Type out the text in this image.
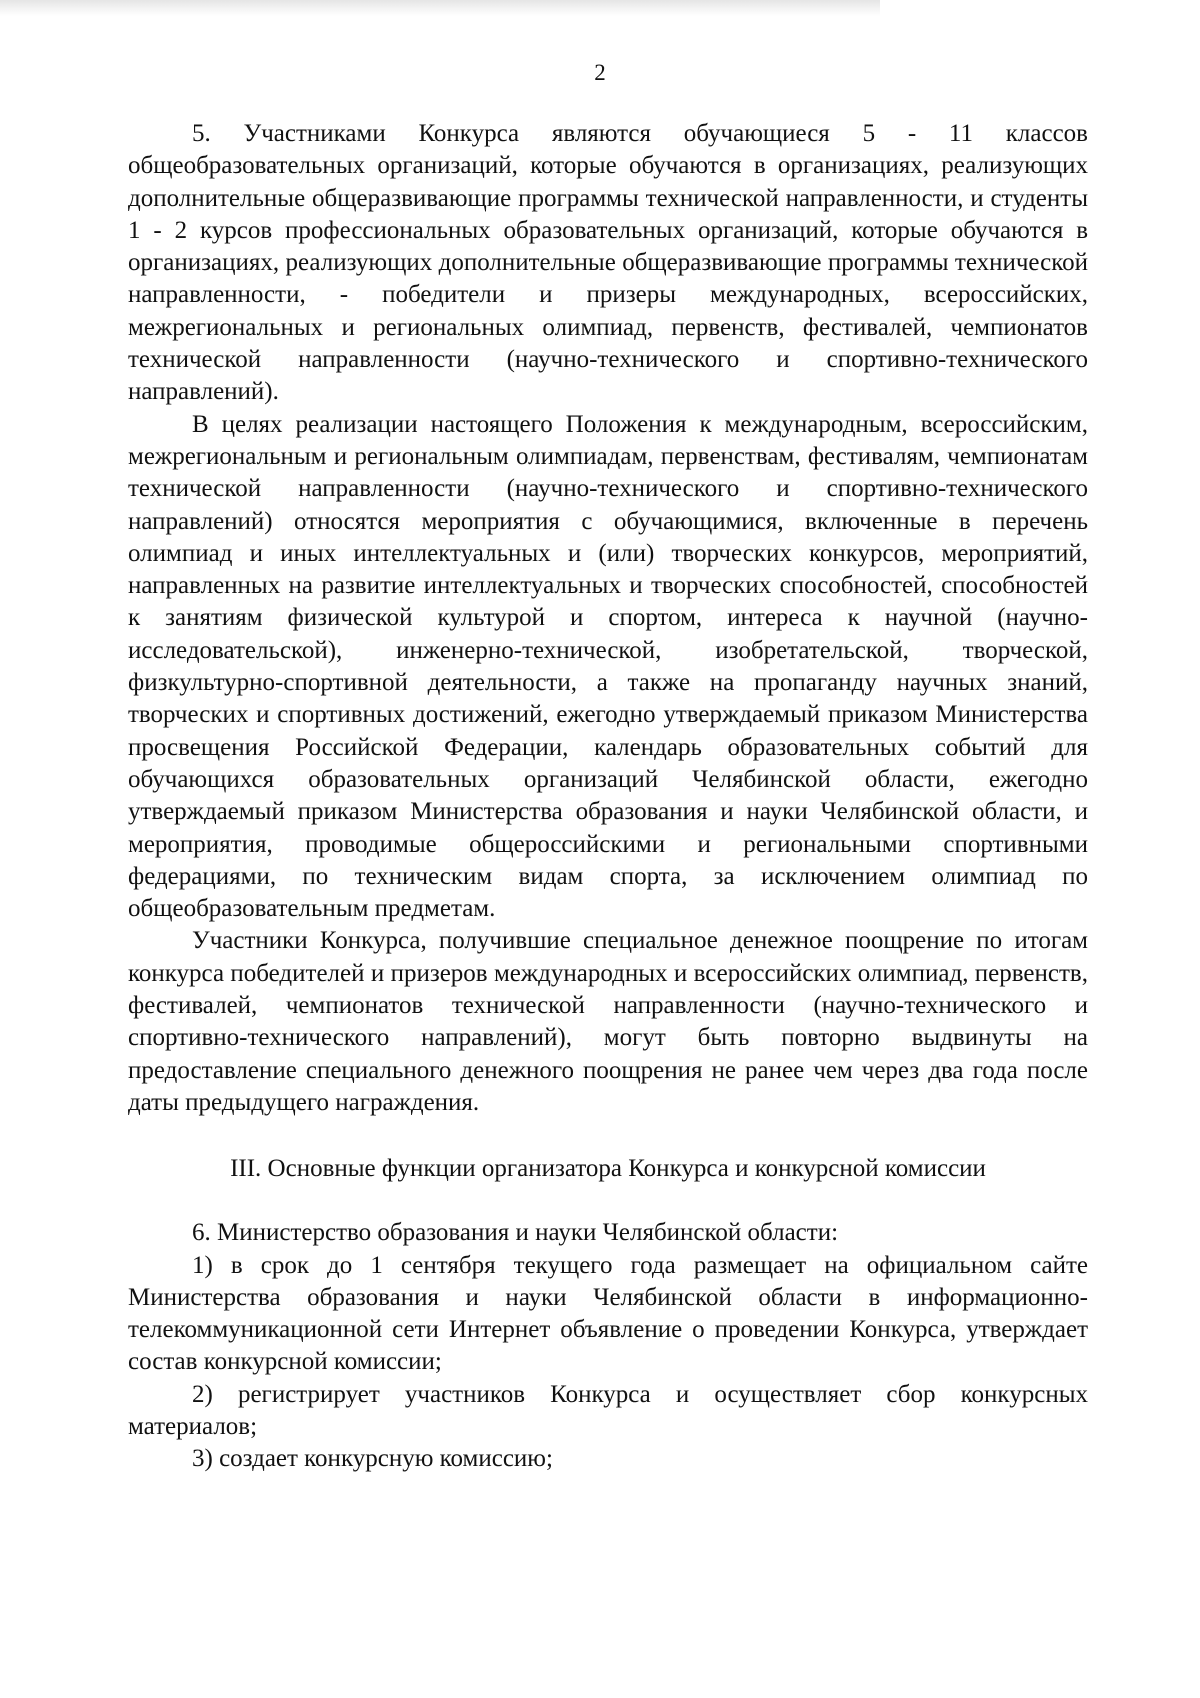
2

5. Участниками Конкурса являются обучающиеся 5 - 11 классов общеобразовательных организаций, которые обучаются в организациях, реализующих дополнительные общеразвивающие программы технической направленности, и студенты 1 - 2 курсов профессиональных образовательных организаций, которые обучаются в организациях, реализующих дополнительные общеразвивающие программы технической направленности, - победители и призеры международных, всероссийских, межрегиональных и региональных олимпиад, первенств, фестивалей, чемпионатов технической направленности (научно-технического и спортивно-технического направлений).

В целях реализации настоящего Положения к международным, всероссийским, межрегиональным и региональным олимпиадам, первенствам, фестивалям, чемпионатам технической направленности (научно-технического и спортивно-технического направлений) относятся мероприятия с обучающимися, включенные в перечень олимпиад и иных интеллектуальных и (или) творческих конкурсов, мероприятий, направленных на развитие интеллектуальных и творческих способностей, способностей к занятиям физической культурой и спортом, интереса к научной (научно-исследовательской), инженерно-технической, изобретательской, творческой, физкультурно-спортивной деятельности, а также на пропаганду научных знаний, творческих и спортивных достижений, ежегодно утверждаемый приказом Министерства просвещения Российской Федерации, календарь образовательных событий для обучающихся образовательных организаций Челябинской области, ежегодно утверждаемый приказом Министерства образования и науки Челябинской области, и мероприятия, проводимые общероссийскими и региональными спортивными федерациями, по техническим видам спорта, за исключением олимпиад по общеобразовательным предметам.

Участники Конкурса, получившие специальное денежное поощрение по итогам конкурса победителей и призеров международных и всероссийских олимпиад, первенств, фестивалей, чемпионатов технической направленности (научно-технического и спортивно-технического направлений), могут быть повторно выдвинуты на предоставление специального денежного поощрения не ранее чем через два года после даты предыдущего награждения.

III. Основные функции организатора Конкурса и конкурсной комиссии

6. Министерство образования и науки Челябинской области:

1) в срок до 1 сентября текущего года размещает на официальном сайте Министерства образования и науки Челябинской области в информационно-телекоммуникационной сети Интернет объявление о проведении Конкурса, утверждает состав конкурсной комиссии;

2) регистрирует участников Конкурса и осуществляет сбор конкурсных материалов;

3) создает конкурсную комиссию;
